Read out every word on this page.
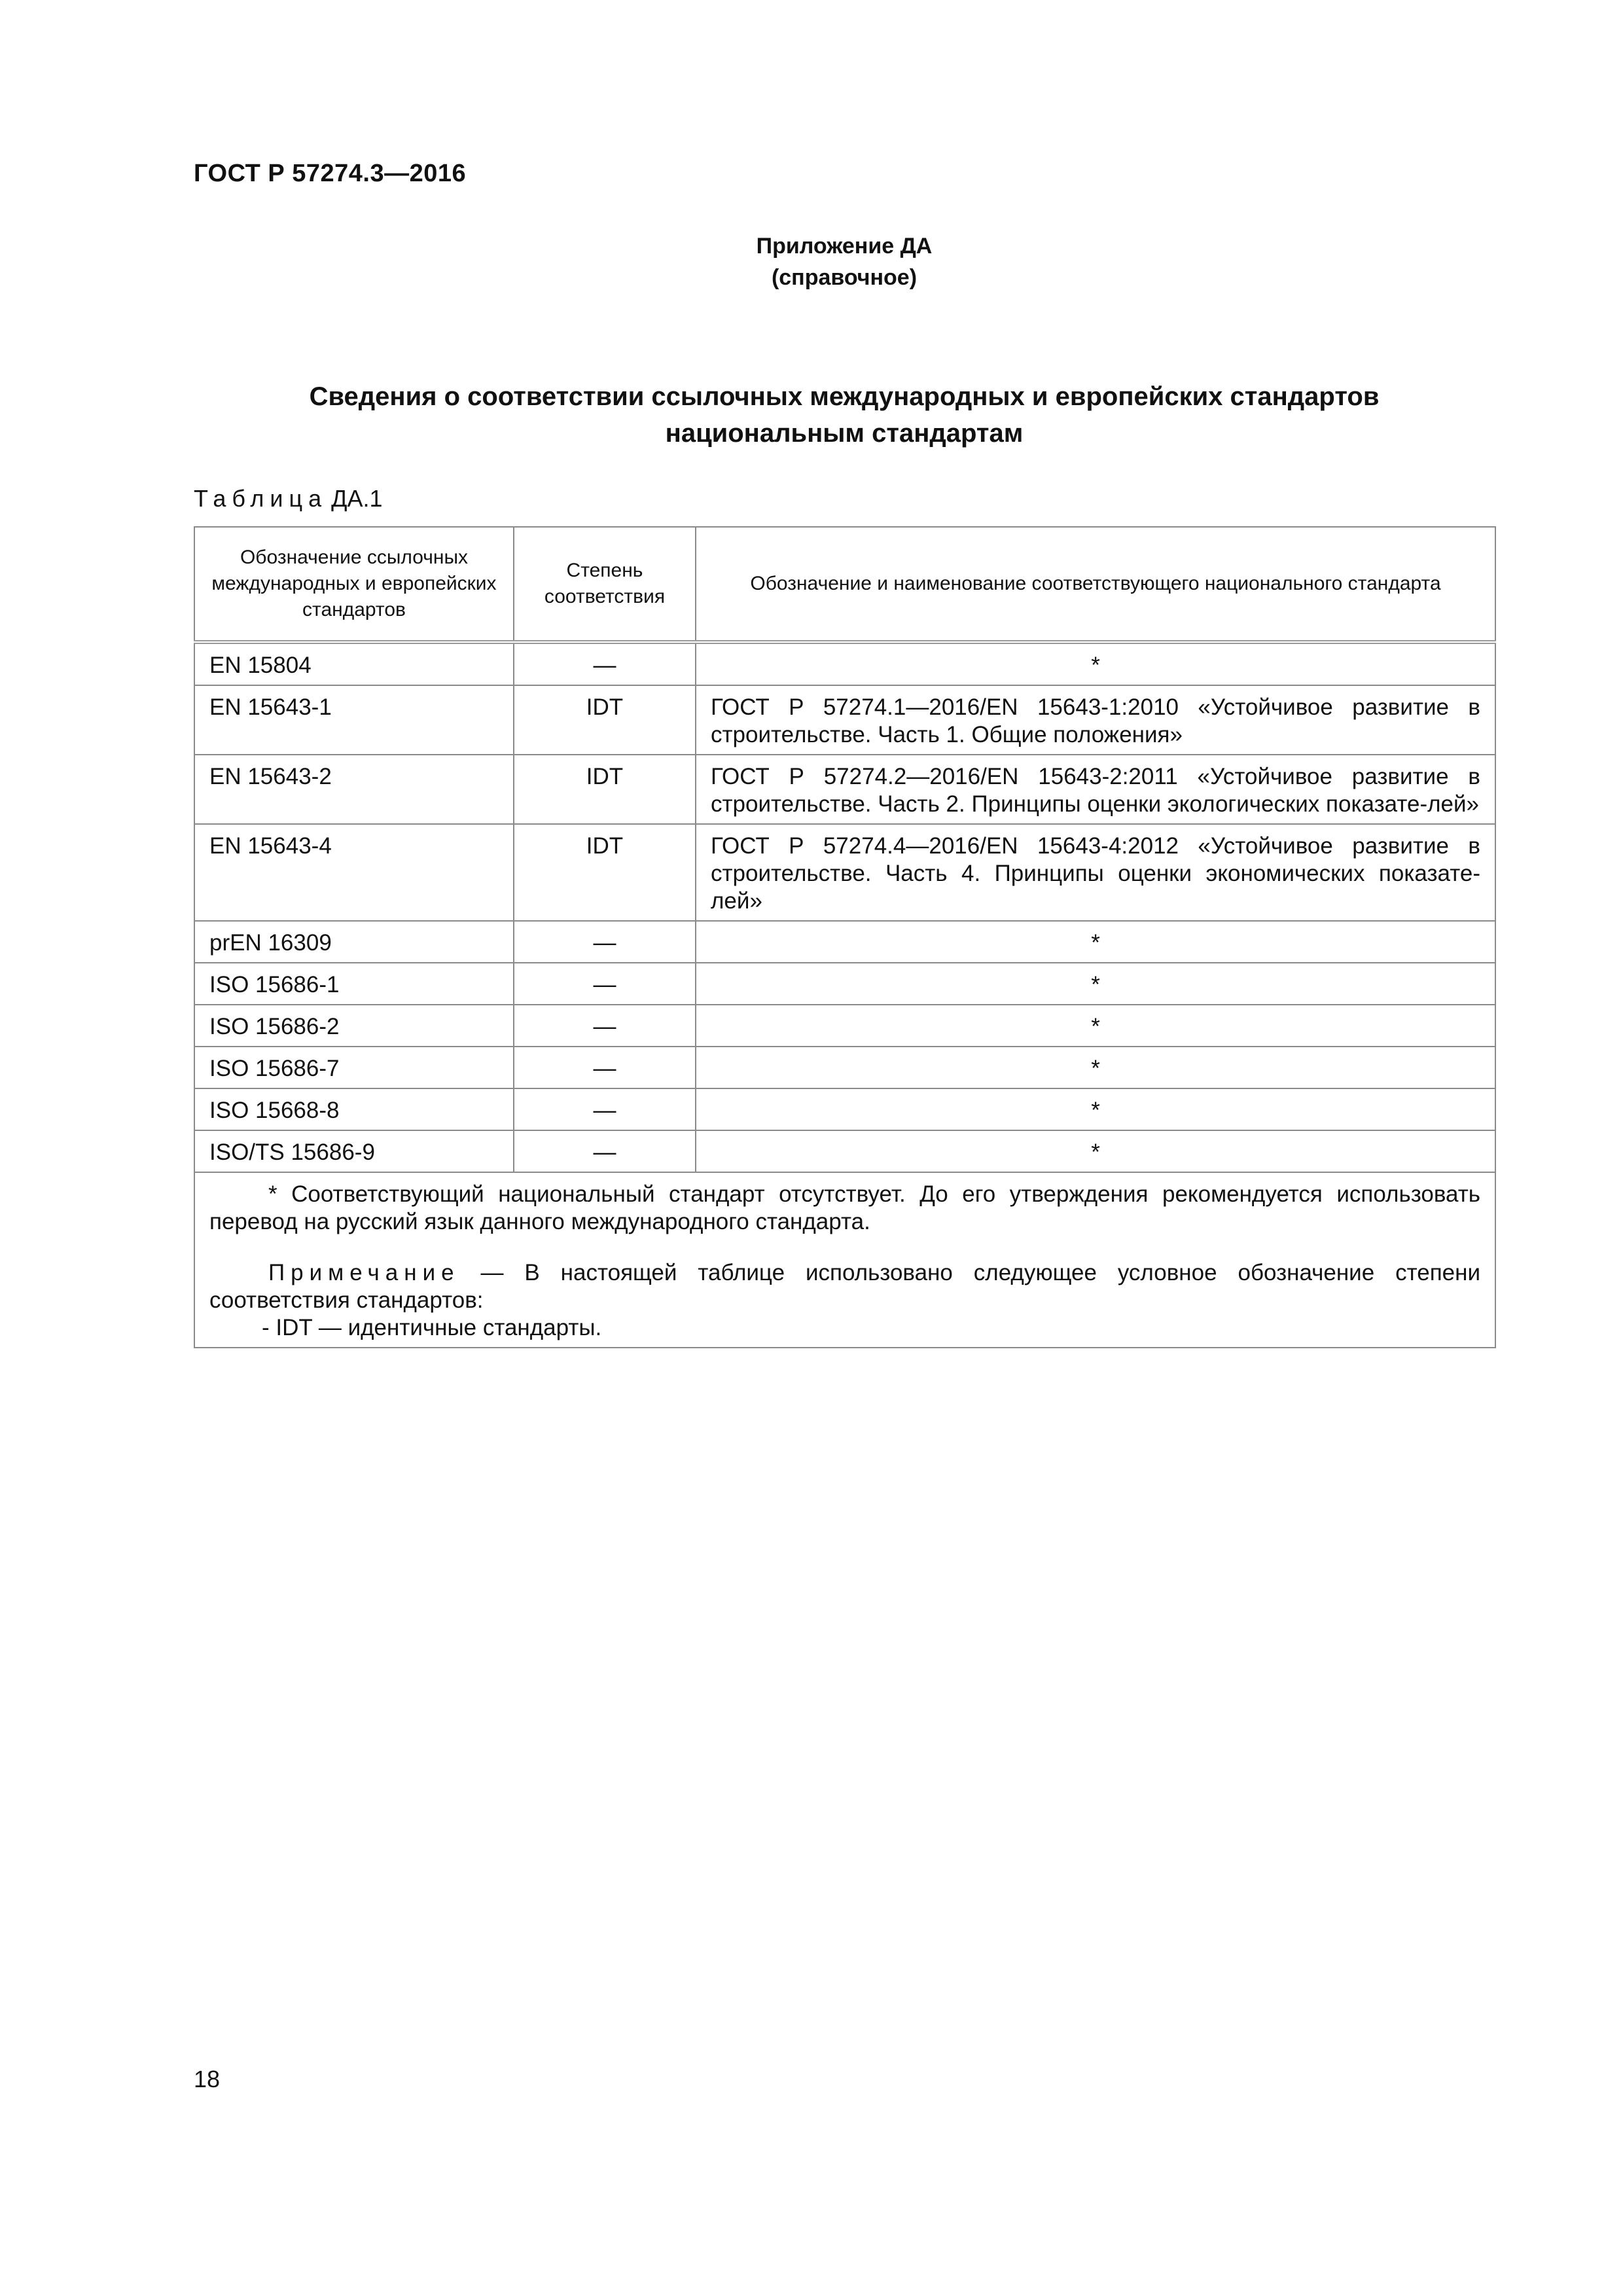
ГОСТ Р 57274.3—2016
Приложение ДА
(справочное)
Сведения о соответствии ссылочных международных и европейских стандартов
национальным стандартам
Таблица ДА.1
Обозначение ссылочных международных и европейских стандартов	Степень соответствия	Обозначение и наименование соответствующего национального стандарта
EN 15804	—	*
EN 15643-1	IDT	ГОСТ Р 57274.1—2016/EN 15643-1:2010 «Устойчивое развитие в строительстве. Часть 1. Общие положения»
EN 15643-2	IDT	ГОСТ Р 57274.2—2016/EN 15643-2:2011 «Устойчивое развитие в строительстве. Часть 2. Принципы оценки экологических показате-лей»
EN 15643-4	IDT	ГОСТ Р 57274.4—2016/EN 15643-4:2012 «Устойчивое развитие в строительстве. Часть 4. Принципы оценки экономических показате-лей»
prEN 16309	—	*
ISO 15686-1	—	*
ISO 15686-2	—	*
ISO 15686-7	—	*
ISO 15668-8	—	*
ISO/TS 15686-9	—	*

* Соответствующий национальный стандарт отсутствует. До его утверждения рекомендуется использовать перевод на русский язык данного международного стандарта.

Примечание — В настоящей таблице использовано следующее условное обозначение степени соответствия стандартов:

- IDT — идентичные стандарты.		

18
